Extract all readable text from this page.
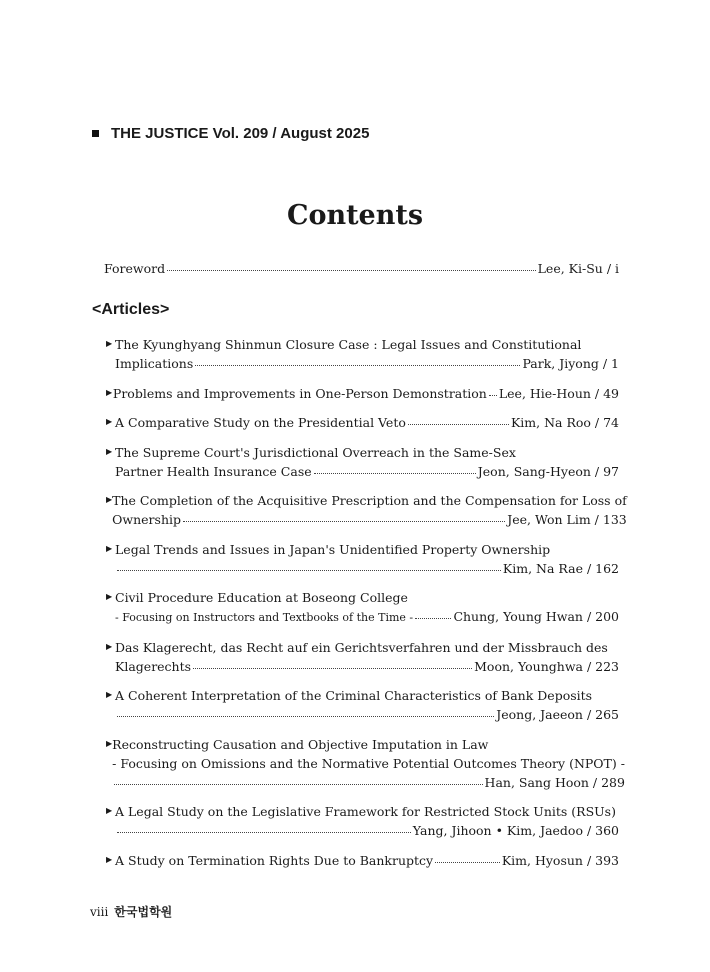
THE JUSTICE Vol. 209 / August 2025
Contents
Foreword	Lee, Ki-Su / i
<Articles>
▶ The Kyunghyang Shinmun Closure Case : Legal Issues and Constitutional
Implications	Park, Jiyong / 1
▶ Problems and Improvements in One-Person Demonstration Lee, Hie-Houn / 49
▶ A Comparative Study on the Presidential Veto	Kim, Na Roo / 74
▶ The Supreme Court's Jurisdictional Overreach in the Same-Sex
Partner Health Insurance Case	Jeon, Sang-Hyeon / 97
▶ The Completion of the Acquisitive Prescription and the Compensation for Loss of
Ownership	Jee, Won Lim / 133
▶ Legal Trends and Issues in Japan's Unidentified Property Ownership
Kim, Na Rae / 162
▶ Civil Procedure Education at Boseong College
- Focusing on Instructors and Textbooks of the Time -	Chung, Young Hwan / 200
▶ Das Klagerecht, das Recht auf ein Gerichtsverfahren und der Missbrauch des
Klagerechts	Moon, Younghwa / 223
▶ A Coherent Interpretation of the Criminal Characteristics of Bank Deposits
Jeong, Jaeeon / 265
▶ Reconstructing Causation and Objective Imputation in Law
- Focusing on Omissions and the Normative Potential Outcomes Theory (NPOT) -
Han, Sang Hoon / 289
▶ A Legal Study on the Legislative Framework for Restricted Stock Units (RSUs)
Yang, Jihoon • Kim, Jaedoo / 360
▶ A Study on Termination Rights Due to Bankruptcy	Kim, Hyosun / 393
viii 한국법학원
